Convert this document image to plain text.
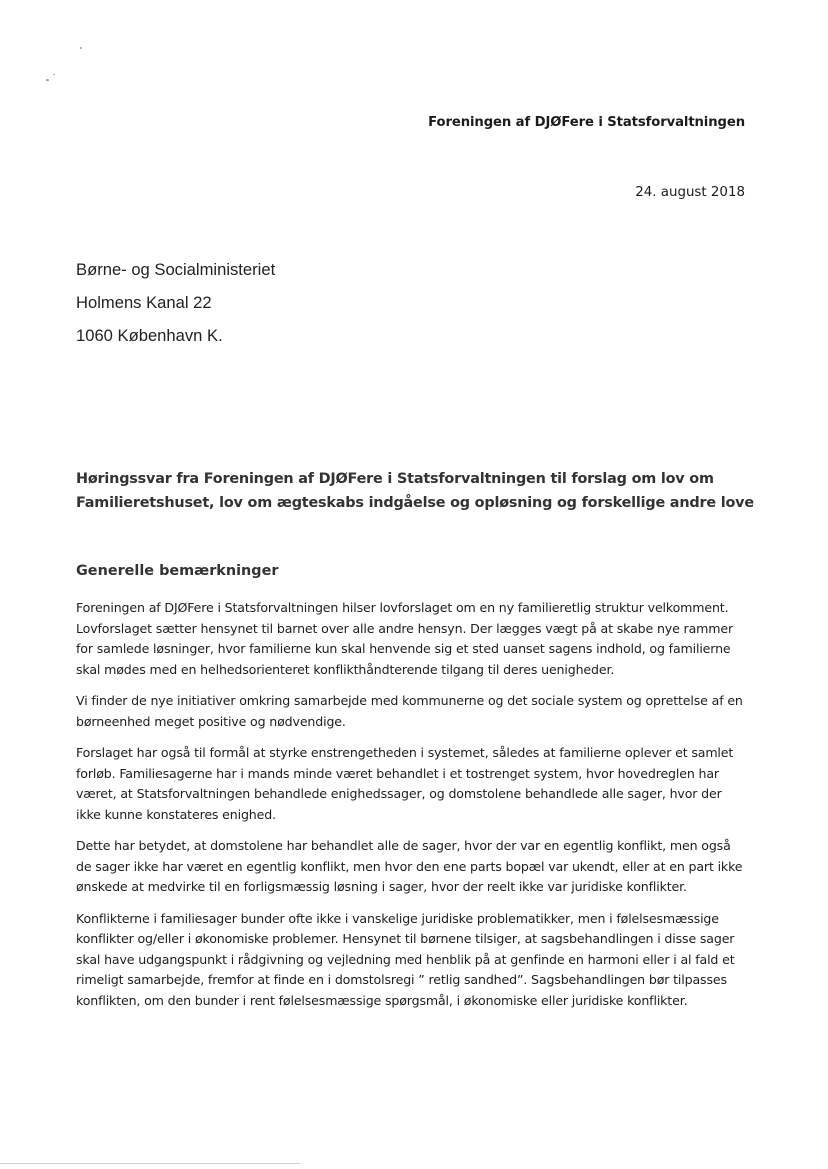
Foreningen af DJØFere i Statsforvaltningen
24. august 2018
Børne- og Socialministeriet
Holmens Kanal 22
1060 København K.
Høringssvar fra Foreningen af DJØFere i Statsforvaltningen til forslag om lov om
Familieretshuset, lov om ægteskabs indgåelse og opløsning og forskellige andre love
Generelle bemærkninger

Foreningen af DJØFere i Statsforvaltningen hilser lovforslaget om en ny familieretlig struktur velkomment.
Lovforslaget sætter hensynet til barnet over alle andre hensyn. Der lægges vægt på at skabe nye rammer
for samlede løsninger, hvor familierne kun skal henvende sig et sted uanset sagens indhold, og familierne
skal mødes med en helhedsorienteret konflikthåndterende tilgang til deres uenigheder.

Vi finder de nye initiativer omkring samarbejde med kommunerne og det sociale system og oprettelse af en
børneenhed meget positive og nødvendige.

Forslaget har også til formål at styrke enstrengetheden i systemet, således at familierne oplever et samlet
forløb. Familiesagerne har i mands minde været behandlet i et tostrenget system, hvor hovedreglen har
været, at Statsforvaltningen behandlede enighedssager, og domstolene behandlede alle sager, hvor der
ikke kunne konstateres enighed.

Dette har betydet, at domstolene har behandlet alle de sager, hvor der var en egentlig konflikt, men også
de sager ikke har været en egentlig konflikt, men hvor den ene parts bopæl var ukendt, eller at en part ikke
ønskede at medvirke til en forligsmæssig løsning i sager, hvor der reelt ikke var juridiske konflikter.

Konflikterne i familiesager bunder ofte ikke i vanskelige juridiske problematikker, men i følelsesmæssige
konflikter og/eller i økonomiske problemer. Hensynet til børnene tilsiger, at sagsbehandlingen i disse sager
skal have udgangspunkt i rådgivning og vejledning med henblik på at genfinde en harmoni eller i al fald et
rimeligt samarbejde, fremfor at finde en i domstolsregi ” retlig sandhed”. Sagsbehandlingen bør tilpasses
konflikten, om den bunder i rent følelsesmæssige spørgsmål, i økonomiske eller juridiske konflikter.
